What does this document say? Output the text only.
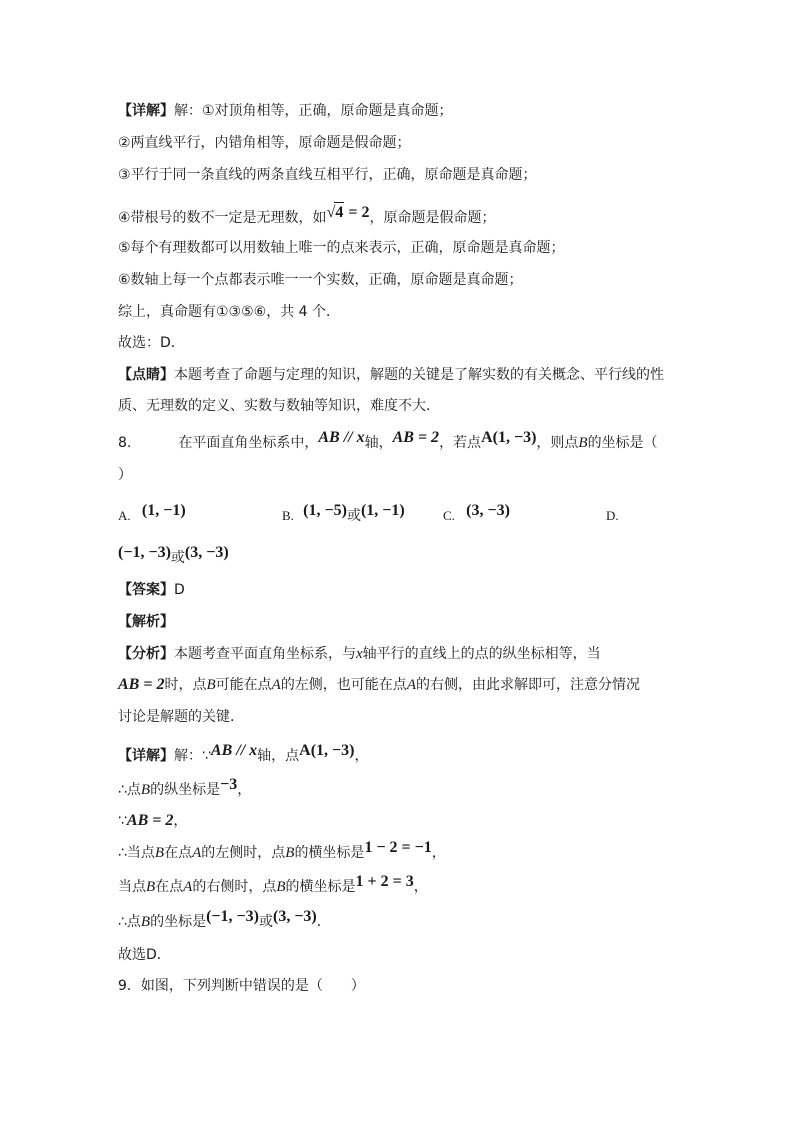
【详解】解：①对顶角相等，正确，原命题是真命题；
②两直线平行，内错角相等，原命题是假命题；
③平行于同一条直线的两条直线互相平行，正确，原命题是真命题；
④带根号的数不一定是无理数，如√4 = 2，原命题是假命题；
⑤每个有理数都可以用数轴上唯一的点来表示，正确，原命题是真命题；
⑥数轴上每一个点都表示唯一一个实数，正确，原命题是真命题；
综上，真命题有①③⑤⑥，共 4 个．
故选：D．
【点睛】本题考查了命题与定理的知识，解题的关键是了解实数的有关概念、平行线的性
质、无理数的定义、实数与数轴等知识，难度不大．
8.	在平面直角坐标系中，AB // x轴，AB = 2，若点A(1, −3)，则点B的坐标是（
）
A. (1, −1)	B. (1, −5)或(1, −1)	C. (3, −3)	D.
(−1, −3)或(3, −3)
【答案】D
【解析】
【分析】本题考查平面直角坐标系，与x轴平行的直线上的点的纵坐标相等，当
AB = 2时，点B可能在点A的左侧，也可能在点A的右侧，由此求解即可，注意分情况
讨论是解题的关键．
【详解】解：∵AB // x轴，点A(1, −3)，
∴点B的纵坐标是−3，
∵AB = 2，
∴当点B在点A的左侧时，点B的横坐标是1 − 2 = −1，
当点B在点A的右侧时，点B的横坐标是1 + 2 = 3，
∴点B的坐标是(−1, −3)或(3, −3)．
故选D．
9．如图，下列判断中错误的是（　　）
